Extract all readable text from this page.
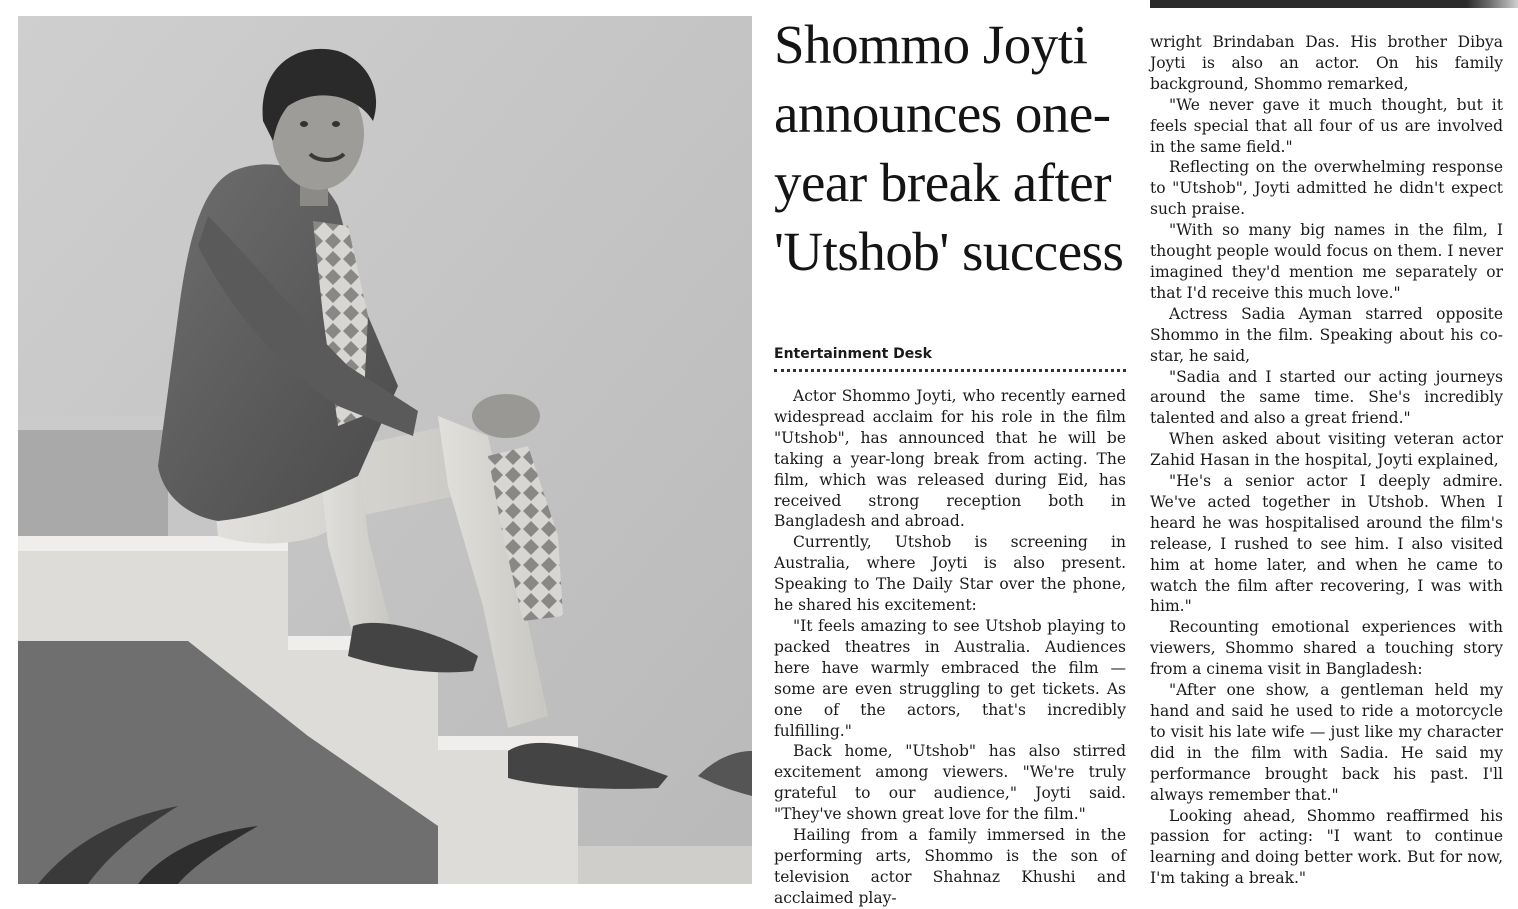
Shommo Joyti announces one-year break after 'Utshob' success
Entertainment Desk

Actor Shommo Joyti, who recently earned widespread acclaim for his role in the film "Utshob", has announced that he will be taking a year-long break from acting. The film, which was released during Eid, has received strong reception both in Bangladesh and abroad.

Currently, Utshob is screening in Australia, where Joyti is also present. Speaking to The Daily Star over the phone, he shared his excitement:

"It feels amazing to see Utshob playing to packed theatres in Australia. Audiences here have warmly embraced the film — some are even struggling to get tickets. As one of the actors, that's incredibly fulfilling."

Back home, "Utshob" has also stirred excitement among viewers. "We're truly grateful to our audience," Joyti said. "They've shown great love for the film."

Hailing from a family immersed in the performing arts, Shommo is the son of television actor Shahnaz Khushi and acclaimed play-

wright Brindaban Das. His brother Dibya Joyti is also an actor. On his family background, Shommo remarked,

"We never gave it much thought, but it feels special that all four of us are involved in the same field."

Reflecting on the overwhelming response to "Utshob", Joyti admitted he didn't expect such praise.

"With so many big names in the film, I thought people would focus on them. I never imagined they'd mention me separately or that I'd receive this much love."

Actress Sadia Ayman starred opposite Shommo in the film. Speaking about his co-star, he said,

"Sadia and I started our acting journeys around the same time. She's incredibly talented and also a great friend."

When asked about visiting veteran actor Zahid Hasan in the hospital, Joyti explained,

"He's a senior actor I deeply admire. We've acted together in Utshob. When I heard he was hospitalised around the film's release, I rushed to see him. I also visited him at home later, and when he came to watch the film after recovering, I was with him."

Recounting emotional experiences with viewers, Shommo shared a touching story from a cinema visit in Bangladesh:

"After one show, a gentleman held my hand and said he used to ride a motorcycle to visit his late wife — just like my character did in the film with Sadia. He said my performance brought back his past. I'll always remember that."

Looking ahead, Shommo reaffirmed his passion for acting: "I want to continue learning and doing better work. But for now, I'm taking a break."
